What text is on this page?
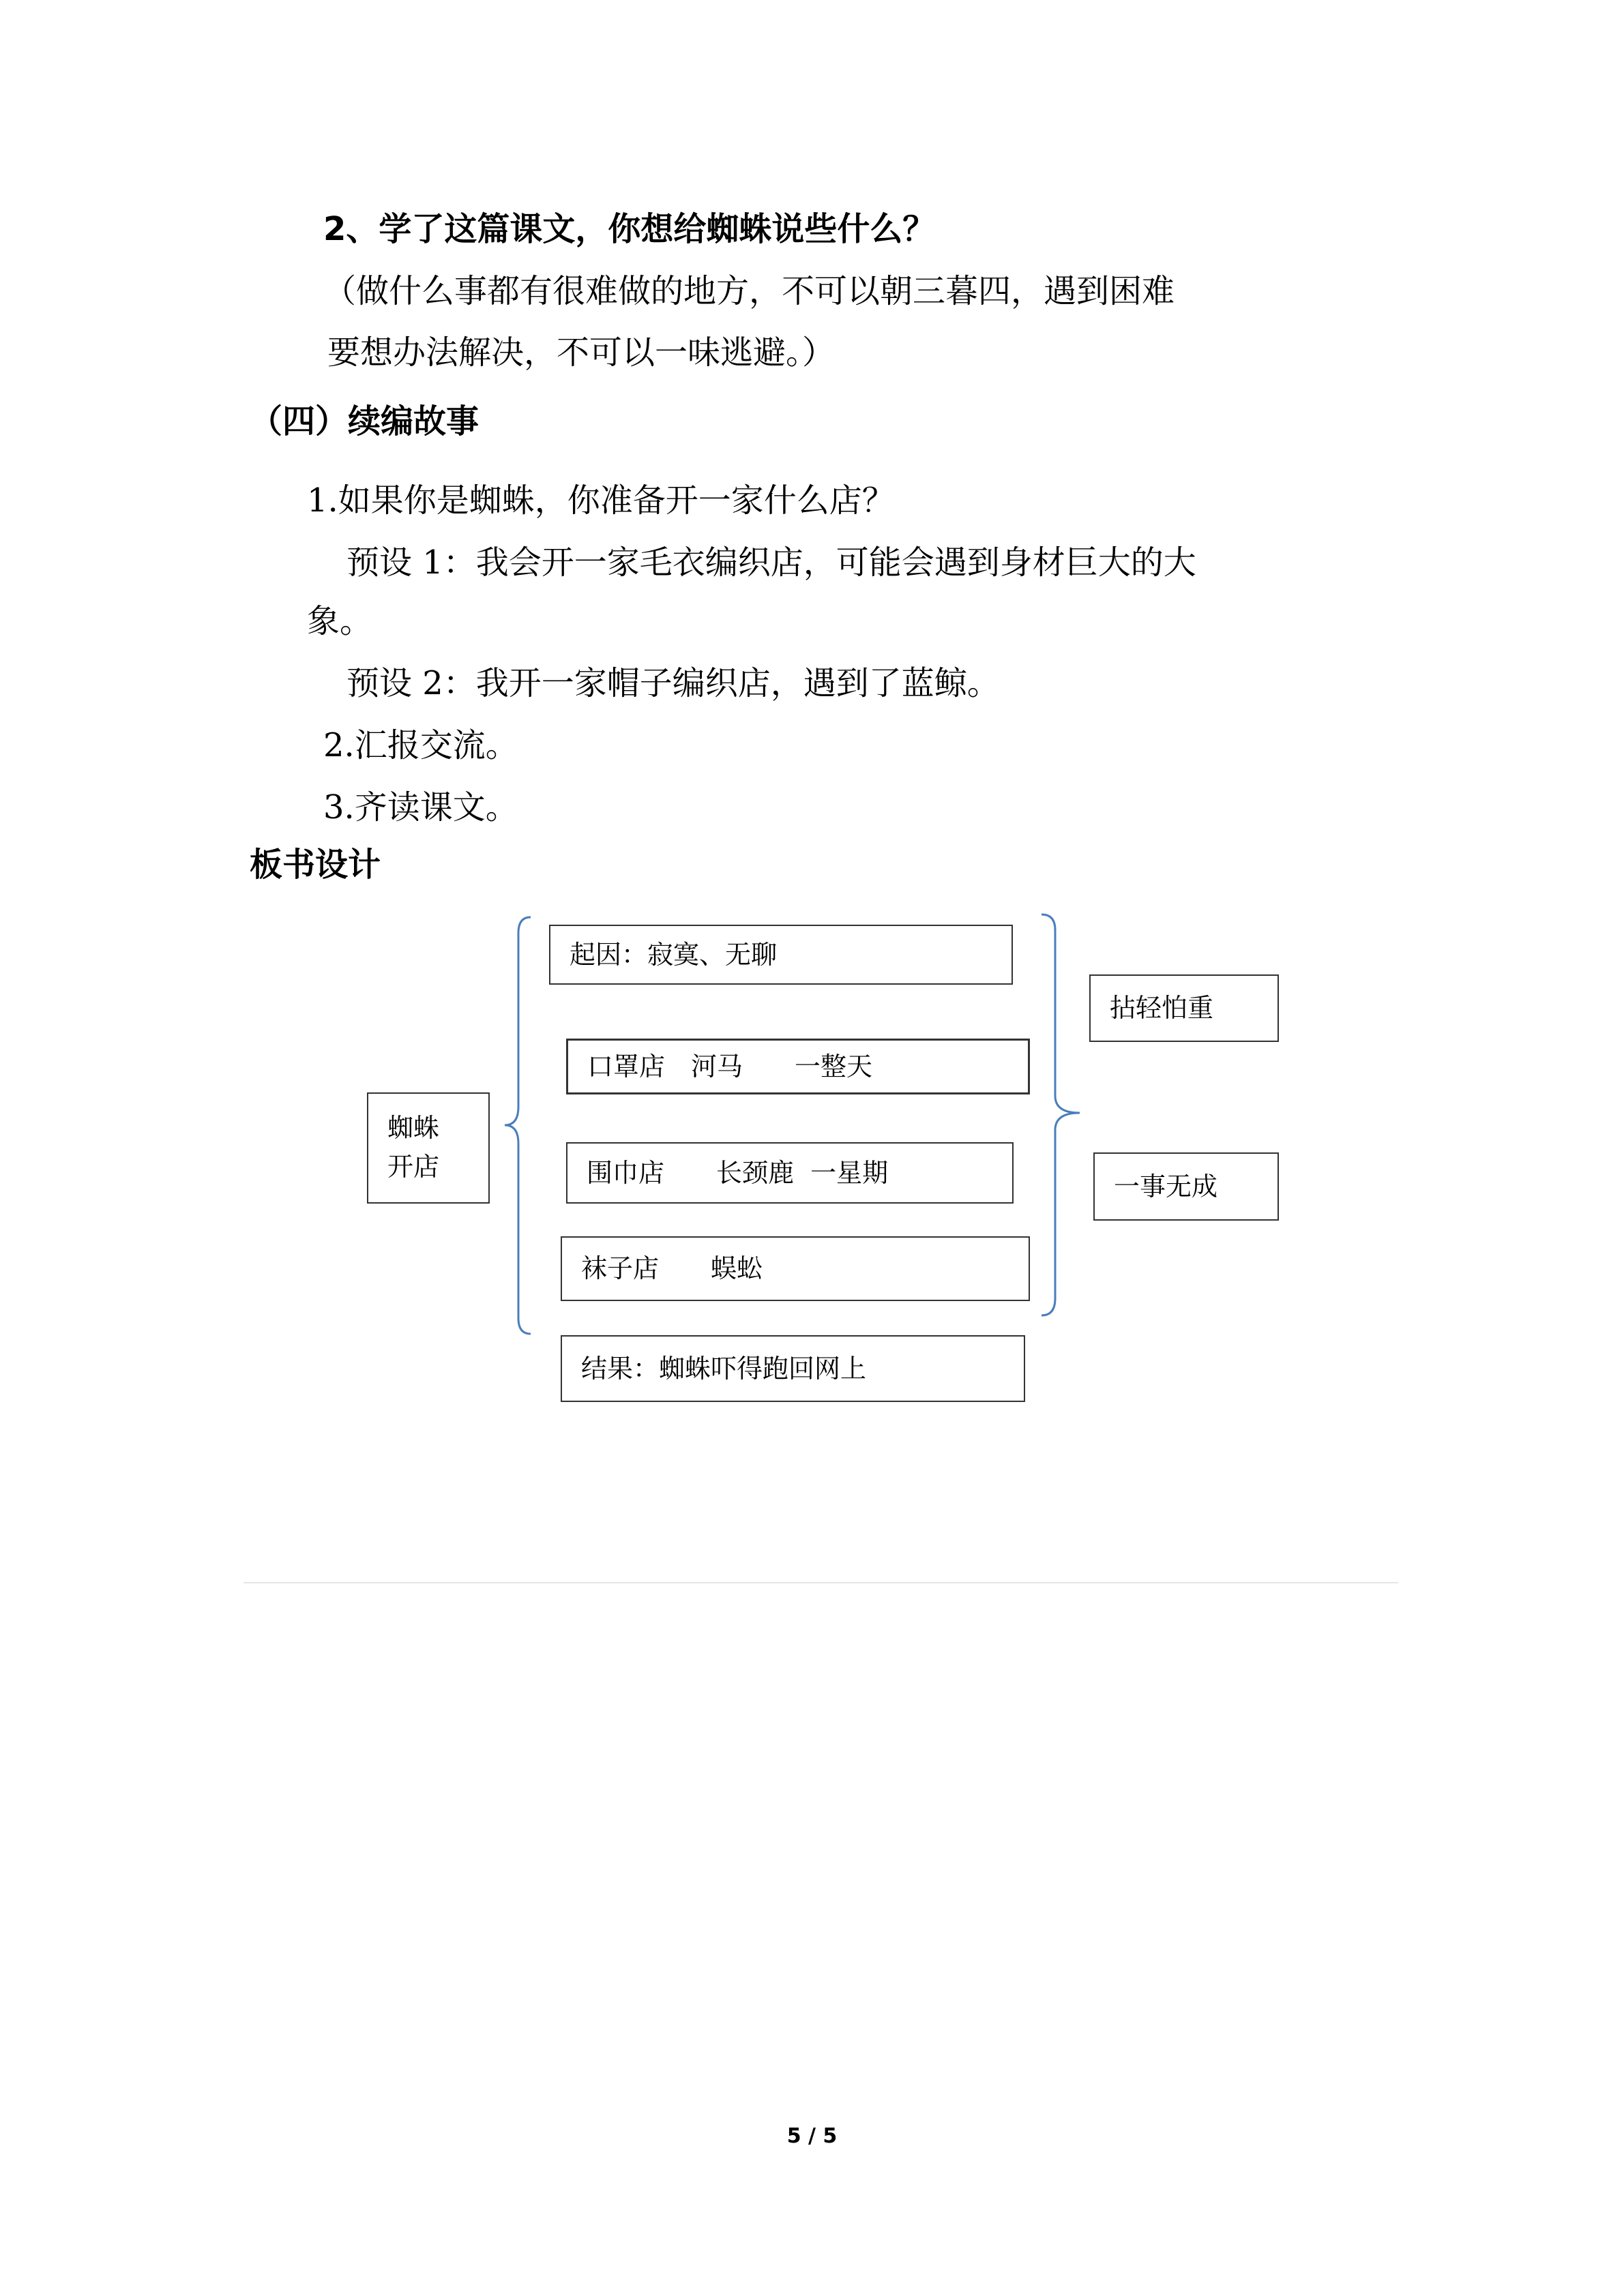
2、学了这篇课文，你想给蜘蛛说些什么？
（做什么事都有很难做的地方，不可以朝三暮四，遇到困难
要想办法解决，不可以一味逃避。）
（四）续编故事
1.如果你是蜘蛛，你准备开一家什么店？
预设 1：我会开一家毛衣编织店，可能会遇到身材巨大的大
象。
预设 2：我开一家帽子编织店，遇到了蓝鲸。
2.汇报交流。
3.齐读课文。
板书设计
蜘蛛开店
起因：寂寞、无聊
口罩店　河马　　一整天
围巾店　　长颈鹿  一星期
袜子店　　蜈蚣
结果：蜘蛛吓得跑回网上
拈轻怕重
一事无成
5 / 5
